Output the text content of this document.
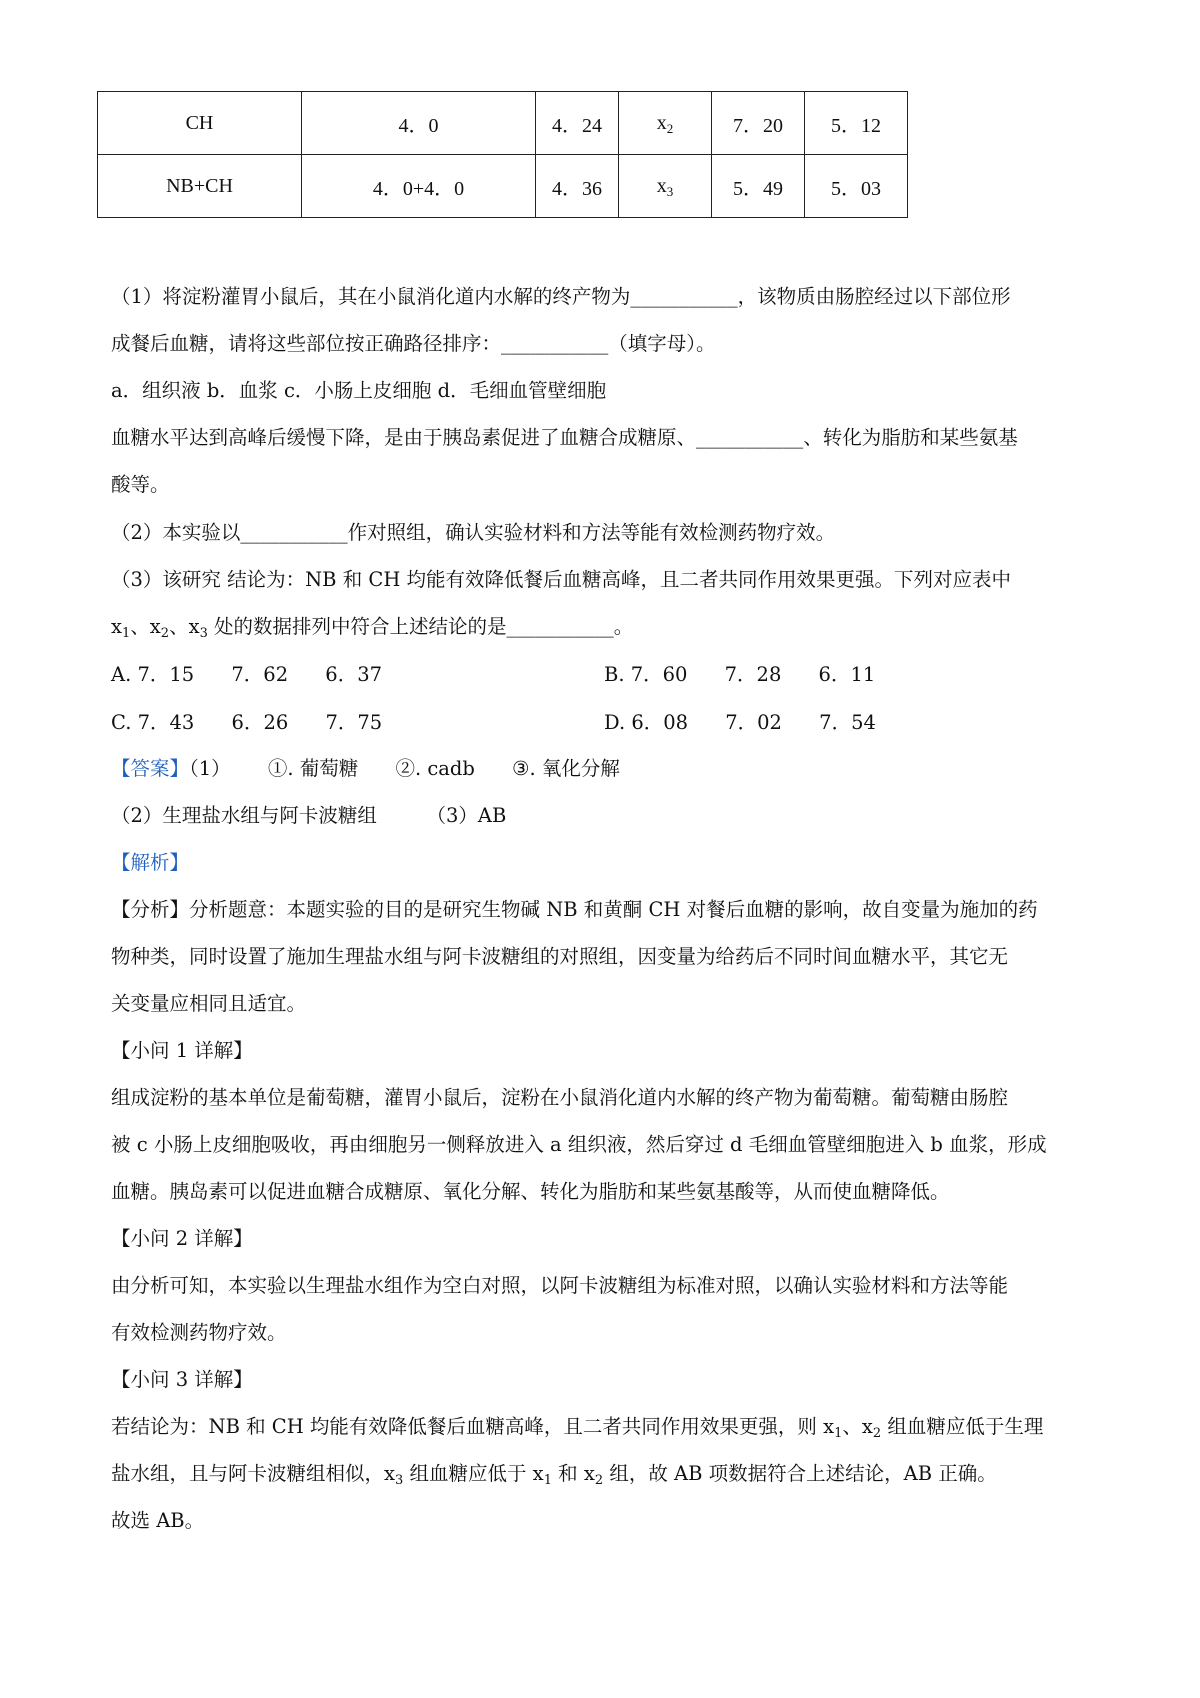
CH	4．0	4．24	$x_2$	7．20	5．12
NB+CH	4．0+4．0	4．36	$x_3$	5．49	5．03
（1）将淀粉灌胃小鼠后，其在小鼠消化道内水解的终产物为___________，该物质由肠腔经过以下部位形
成餐后血糖，请将这些部位按正确路径排序：___________（填字母）。
a．组织液 b．血浆 c．小肠上皮细胞 d．毛细血管壁细胞
血糖水平达到高峰后缓慢下降，是由于胰岛素促进了血糖合成糖原、___________、转化为脂肪和某些氨基
酸等。
（2）本实验以___________作对照组，确认实验材料和方法等能有效检测药物疗效。
（3）该研究 结论为：NB 和 CH 均能有效降低餐后血糖高峰，且二者共同作用效果更强。下列对应表中
$x_1$、$x_2$、$x_3$ 处的数据排列中符合上述结论的是___________。
A. 7．15      7．62      6．37	B. 7．60      7．28      6．11
C. 7．43      6．26      7．75	D. 6．08      7．02      7．54
【答案】（1）      ①. 葡萄糖      ②. cadb      ③. 氧化分解
（2）生理盐水组与阿卡波糖组        （3）AB
【解析】
【分析】分析题意：本题实验的目的是研究生物碱 NB 和黄酮 CH 对餐后血糖的影响，故自变量为施加的药
物种类，同时设置了施加生理盐水组与阿卡波糖组的对照组，因变量为给药后不同时间血糖水平，其它无
关变量应相同且适宜。
【小问 1 详解】
组成淀粉的基本单位是葡萄糖，灌胃小鼠后，淀粉在小鼠消化道内水解的终产物为葡萄糖。葡萄糖由肠腔
被 c 小肠上皮细胞吸收，再由细胞另一侧释放进入 a 组织液，然后穿过 d 毛细血管壁细胞进入 b 血浆，形成
血糖。胰岛素可以促进血糖合成糖原、氧化分解、转化为脂肪和某些氨基酸等，从而使血糖降低。
【小问 2 详解】
由分析可知，本实验以生理盐水组作为空白对照，以阿卡波糖组为标准对照，以确认实验材料和方法等能
有效检测药物疗效。
【小问 3 详解】
若结论为：NB 和 CH 均能有效降低餐后血糖高峰，且二者共同作用效果更强，则 $x_1$、$x_2$ 组血糖应低于生理
盐水组，且与阿卡波糖组相似，$x_3$ 组血糖应低于 $x_1$ 和 $x_2$ 组，故 AB 项数据符合上述结论，AB 正确。
故选 AB。
